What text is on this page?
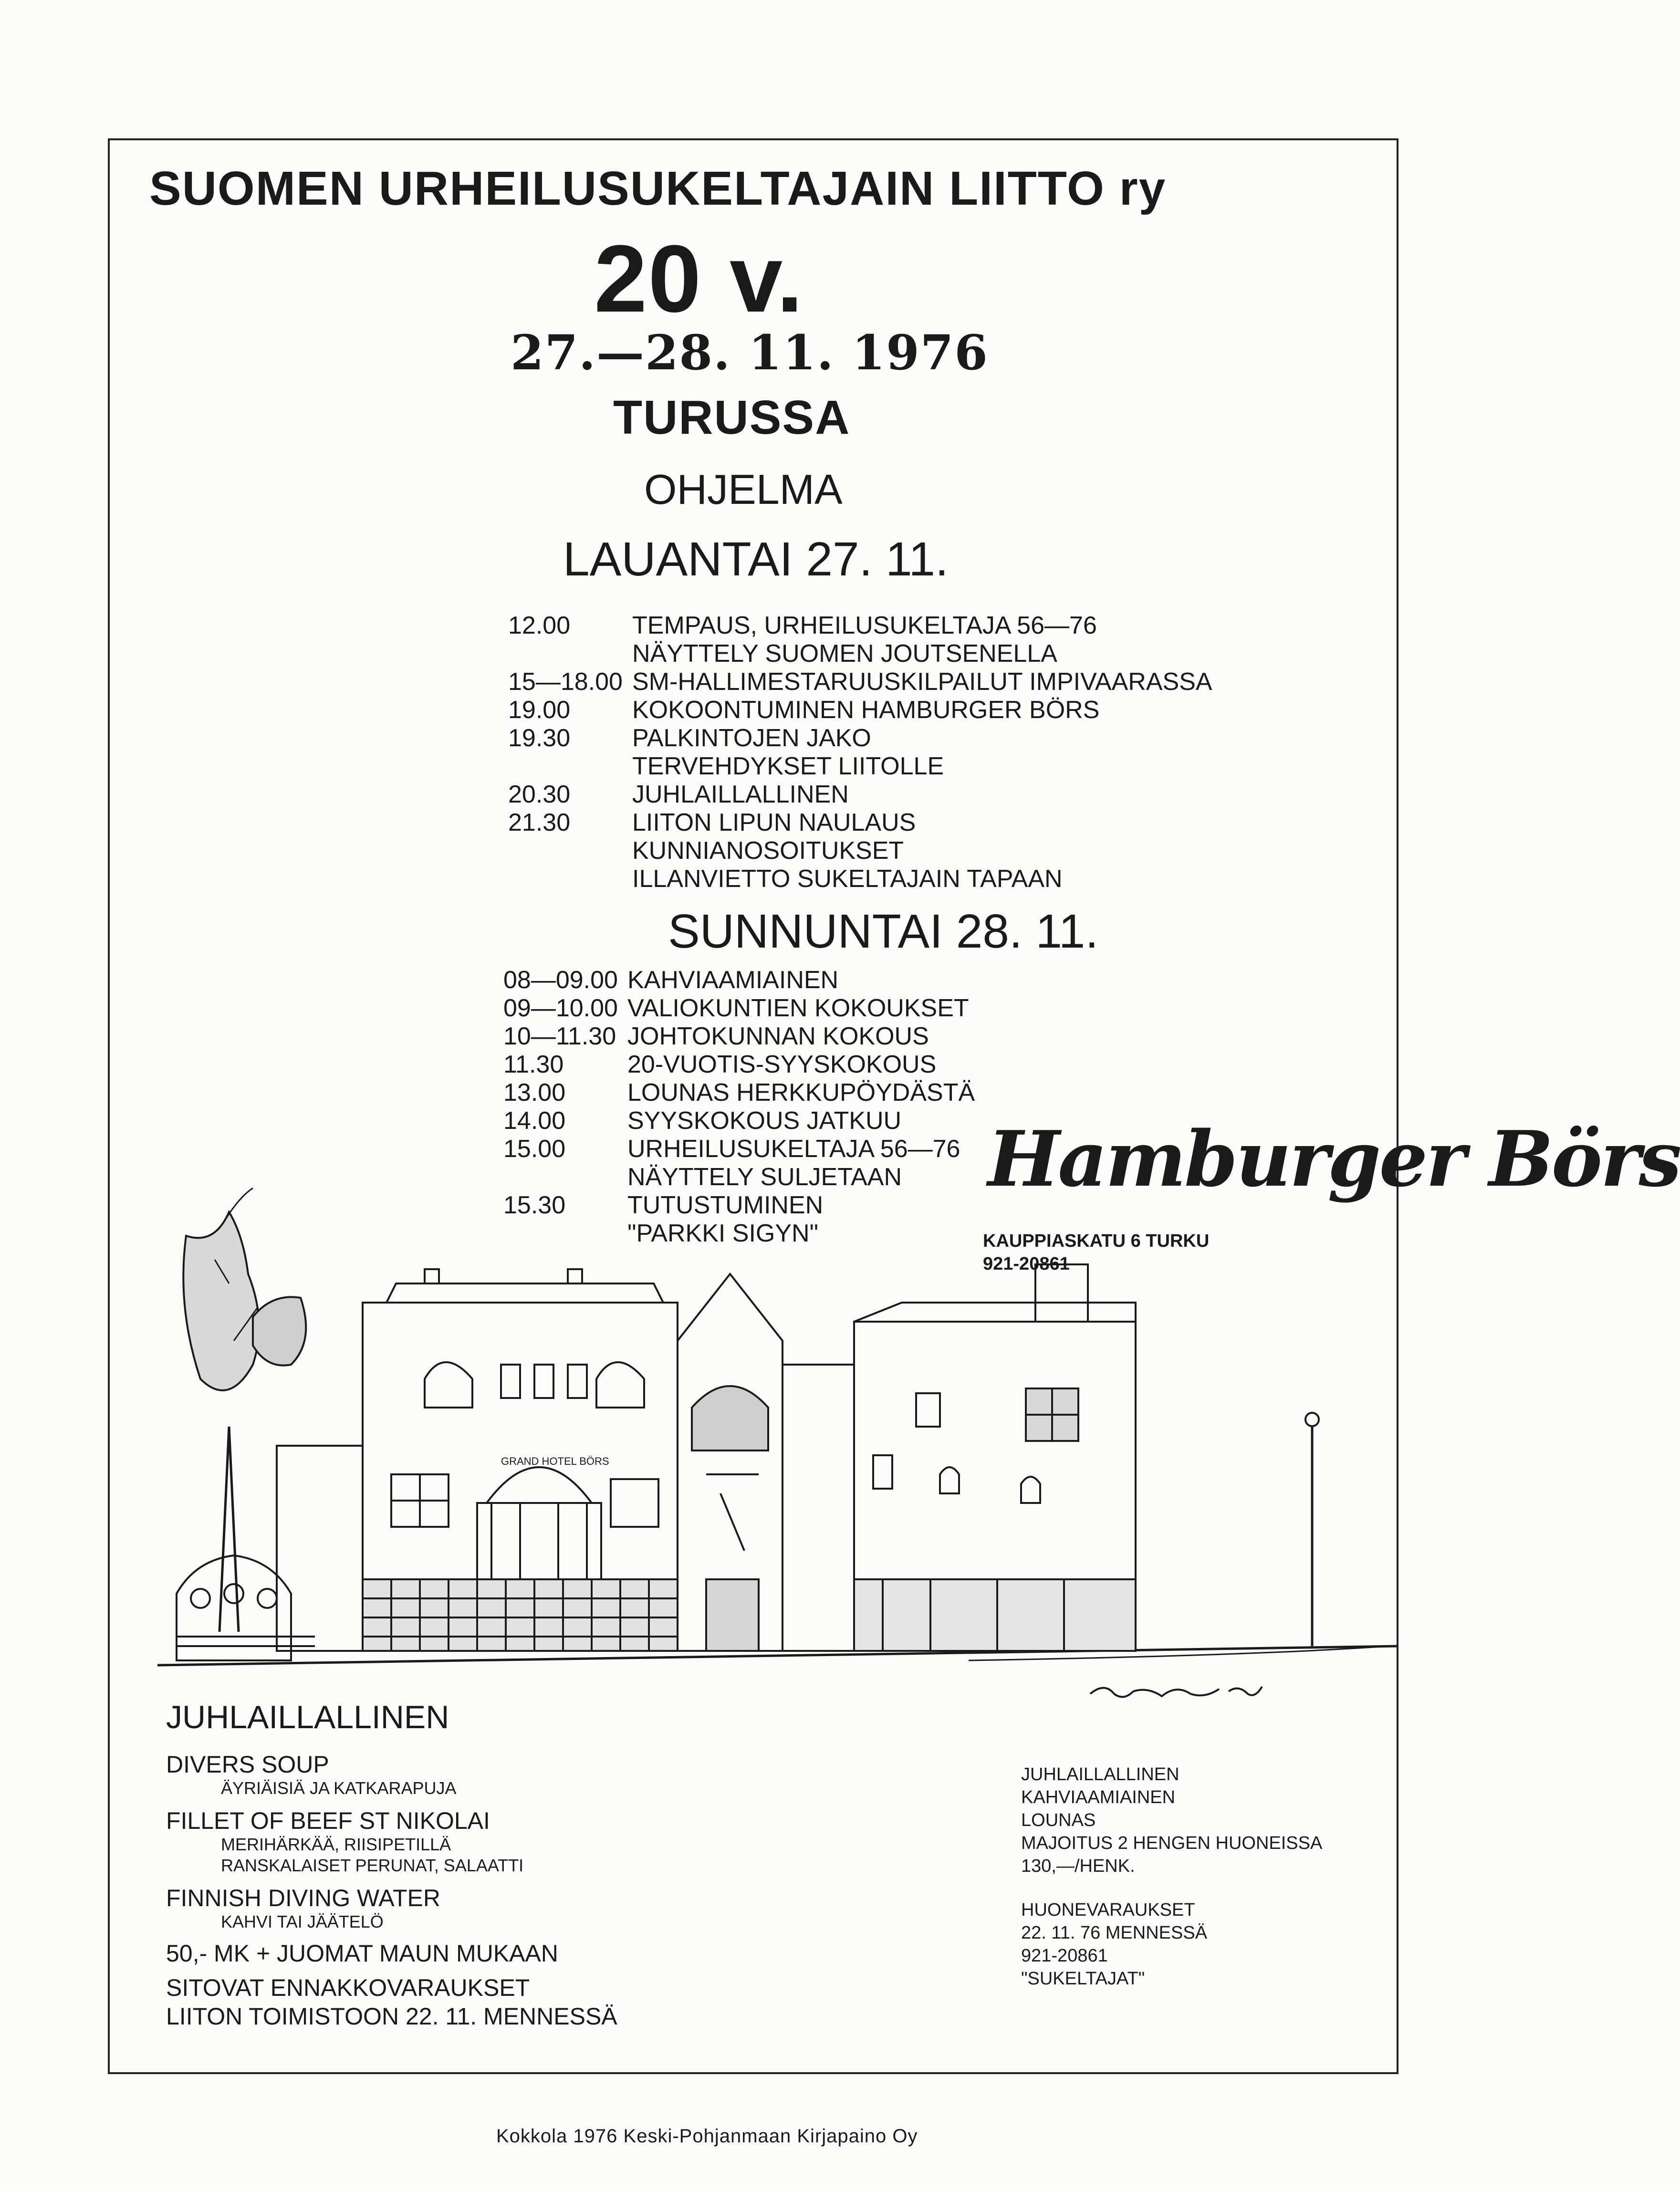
SUOMEN URHEILUSUKELTAJAIN LIITTO ry
20 v.
27.—28. 11. 1976
TURUSSA
OHJELMA
LAUANTAI 27. 11.
12.00	TEMPAUS, URHEILUSUKELTAJA 56—76
NÄYTTELY SUOMEN JOUTSENELLA
15—18.00 SM-HALLIMESTARUUSKILPAILUT IMPIVAARASSA
19.00	KOKOONTUMINEN HAMBURGER BÖRS
19.30	PALKINTOJEN JAKO
TERVEHDYKSET LIITOLLE
20.30	JUHLAILLALLINEN
21.30	LIITON LIPUN NAULAUS
KUNNIANOSOITUKSET
ILLANVIETTO SUKELTAJAIN TAPAAN
SUNNUNTAI 28. 11.
08—09.00 KAHVIAAMIAINEN
09—10.00 VALIOKUNTIEN KOKOUKSET
10—11.30 JOHTOKUNNAN KOKOUS
11.30	20-VUOTIS-SYYSKOKOUS
13.00	LOUNAS HERKKUPÖYDÄSTÄ
14.00	SYYSKOKOUS JATKUU
15.00	URHEILUSUKELTAJA 56—76
NÄYTTELY SULJETAAN
15.30	TUTUSTUMINEN
"PARKKI SIGYN"
Hamburger Börs
KAUPPIASKATU 6 TURKU
921-20861
GRAND HOTEL BÖRS
JUHLAILLALLINEN
DIVERS SOUP
ÄYRIÄISIÄ JA KATKARAPUJA
FILLET OF BEEF ST NIKOLAI
MERIHÄRKÄÄ, RIISIPETILLÄ
RANSKALAISET PERUNAT, SALAATTI
FINNISH DIVING WATER
KAHVI TAI JÄÄTELÖ
50,- MK + JUOMAT MAUN MUKAAN
SITOVAT ENNAKKOVARAUKSET
LIITON TOIMISTOON 22. 11. MENNESSÄ
JUHLAILLALLINEN
KAHVIAAMIAINEN
LOUNAS
MAJOITUS 2 HENGEN HUONEISSA
130,—/HENK.
HUONEVARAUKSET
22. 11. 76 MENNESSÄ
921-20861
"SUKELTAJAT"
Kokkola 1976 Keski-Pohjanmaan Kirjapaino Oy
